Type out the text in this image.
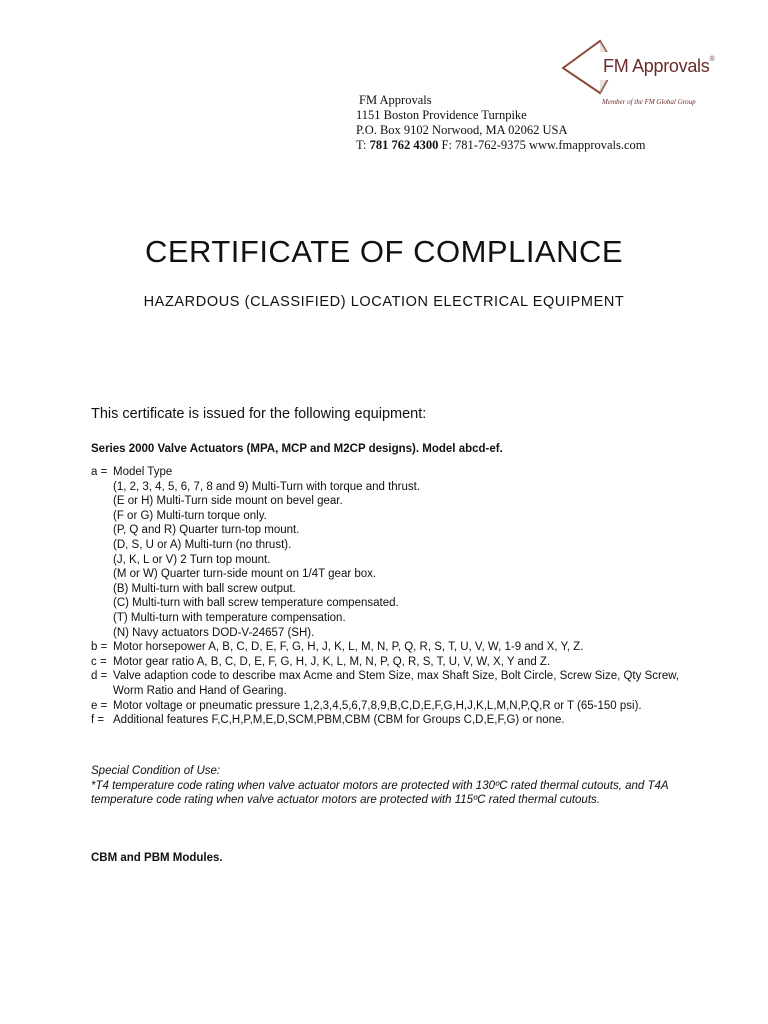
FM Approvals®
Member of the FM Global Group
FM Approvals
1151 Boston Providence Turnpike
P.O. Box 9102 Norwood, MA 02062 USA
T: 781 762 4300 F: 781-762-9375 www.fmapprovals.com
CERTIFICATE OF COMPLIANCE
HAZARDOUS (CLASSIFIED) LOCATION ELECTRICAL EQUIPMENT
This certificate is issued for the following equipment:
Series 2000 Valve Actuators (MPA, MCP and M2CP designs). Model abcd-ef.
a = Model Type
(1, 2, 3, 4, 5, 6, 7, 8 and 9) Multi-Turn with torque and thrust.
(E or H) Multi-Turn side mount on bevel gear.
(F or G) Multi-turn torque only.
(P, Q and R) Quarter turn-top mount.
(D, S, U or A) Multi-turn (no thrust).
(J, K, L or V) 2 Turn top mount.
(M or W) Quarter turn-side mount on 1/4T gear box.
(B) Multi-turn with ball screw output.
(C) Multi-turn with ball screw temperature compensated.
(T) Multi-turn with temperature compensation.
(N) Navy actuators DOD-V-24657 (SH).
b = Motor horsepower A, B, C, D, E, F, G, H, J, K, L, M, N, P, Q, R, S, T, U, V, W, 1-9 and X, Y, Z.
c = Motor gear ratio A, B, C, D, E, F, G, H, J, K, L, M, N, P, Q, R, S, T, U, V, W, X, Y and Z.
d = Valve adaption code to describe max Acme and Stem Size, max Shaft Size, Bolt Circle, Screw Size, Qty Screw, Worm Ratio and Hand of Gearing.
e = Motor voltage or pneumatic pressure 1,2,3,4,5,6,7,8,9,B,C,D,E,F,G,H,J,K,L,M,N,P,Q,R or T (65-150 psi).
f = Additional features F,C,H,P,M,E,D,SCM,PBM,CBM (CBM for Groups C,D,E,F,G) or none.
Special Condition of Use:
*T4 temperature code rating when valve actuator motors are protected with 130ºC rated thermal cutouts, and T4A temperature code rating when valve actuator motors are protected with 115ºC rated thermal cutouts.
CBM and PBM Modules.
